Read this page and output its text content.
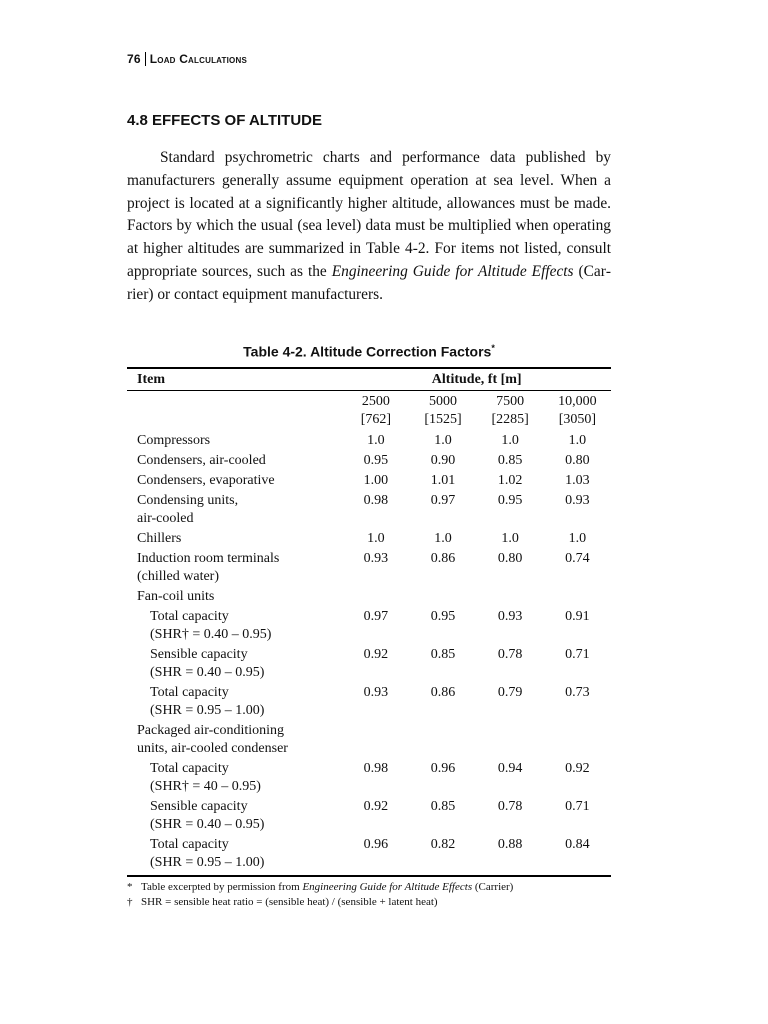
76 Load Calculations
4.8 EFFECTS OF ALTITUDE

Standard psychrometric charts and performance data published by manufacturers generally assume equipment operation at sea level. When a project is located at a significantly higher altitude, allowances must be made. Factors by which the usual (sea level) data must be multiplied when operating at higher altitudes are summarized in Table 4-2. For items not listed, consult appropriate sources, such as the Engineering Guide for Altitude Effects (Carrier) or contact equipment manufacturers.

Table 4-2. Altitude Correction Factors*
Item	Altitude, ft [m]			
	2500	5000	7500	10,000
	[762]	[1525]	[2285]	[3050]

Compressors	1.0	1.0	1.0	1.0

Condensers, air-cooled	0.95	0.90	0.85	0.80

Condensers, evaporative	1.00	1.01	1.02	1.03

Condensing units,
air-cooled	0.98	0.97	0.95	0.93

Chillers	1.0	1.0	1.0	1.0

Induction room terminals
(chilled water)	0.93	0.86	0.80	0.74

Fan-coil units				

Total capacity
(SHR† = 0.40 – 0.95)	0.97	0.95	0.93	0.91

Sensible capacity
(SHR = 0.40 – 0.95)	0.92	0.85	0.78	0.71

Total capacity
(SHR = 0.95 – 1.00)	0.93	0.86	0.79	0.73

Packaged air-conditioning
units, air-cooled condenser				

Total capacity
(SHR† = 40 – 0.95)	0.98	0.96	0.94	0.92

Sensible capacity
(SHR = 0.40 – 0.95)	0.92	0.85	0.78	0.71

Total capacity
(SHR = 0.95 – 1.00)	0.96	0.82	0.88	0.84
* Table excerpted by permission from Engineering Guide for Altitude Effects (Carrier)
† SHR = sensible heat ratio = (sensible heat) / (sensible + latent heat)
